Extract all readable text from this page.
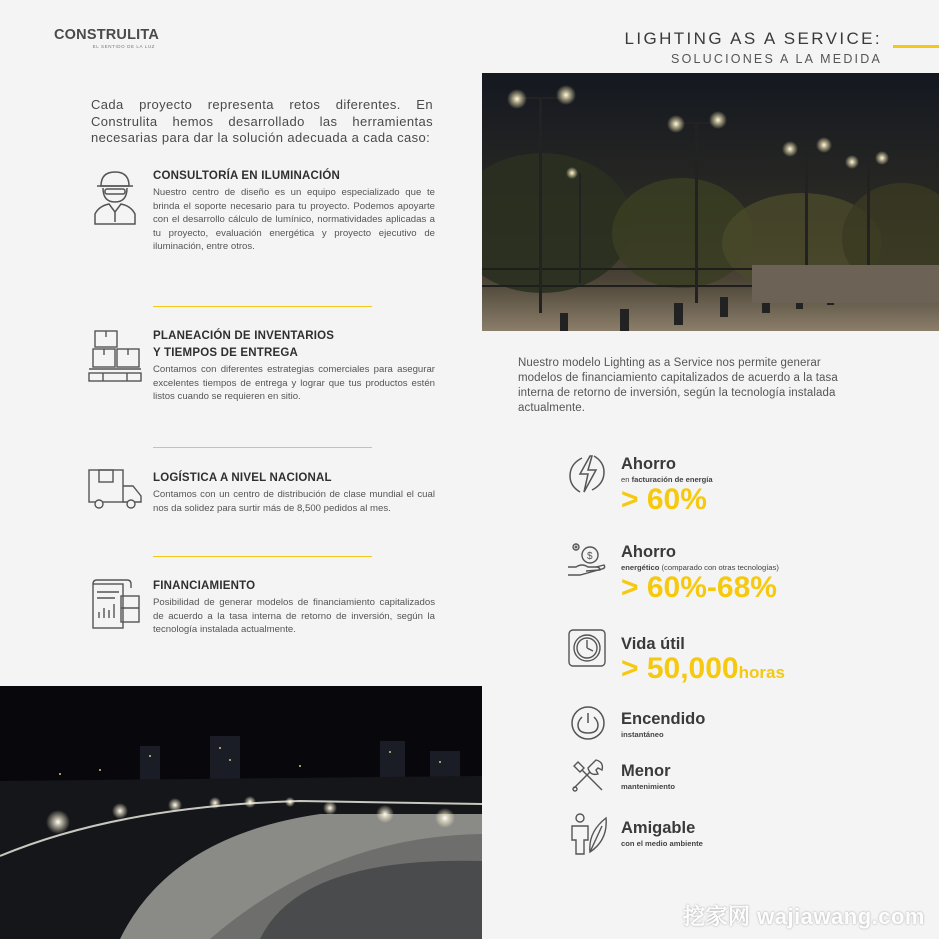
CONSTRULITA
EL SENTIDO DE LA LUZ	LIGHTING AS A SERVICE:
SOLUCIONES A LA MEDIDA
Cada proyecto representa retos diferentes. En Construlita hemos desarrollado las herramientas necesarias para dar la solución adecuada a cada caso:
CONSULTORÍA EN ILUMINACIÓN
Nuestro centro de diseño es un equipo especializado que te brinda el soporte necesario para tu proyecto. Podemos apoyarte con el desarrollo cálculo de lumínico, normatividades aplicadas a tu proyecto, evaluación energética y proyecto ejecutivo de iluminación, entre otros.
PLANEACIÓN DE INVENTARIOS
Y TIEMPOS DE ENTREGA
Contamos con diferentes estrategias comerciales para asegurar excelentes tiempos de entrega y lograr que tus productos estén listos cuando se requieren en sitio.
LOGÍSTICA A NIVEL NACIONAL
Contamos con un centro de distribución de clase mundial el cual nos da solidez para surtir más de 8,500 pedidos al mes.
FINANCIAMIENTO
Posibilidad de generar modelos de financiamiento capitalizados de acuerdo a la tasa interna de retorno de inversión, según la tecnología instalada actualmente.
Nuestro modelo Lighting as a Service nos permite generar modelos de financiamiento capitalizados de acuerdo a la tasa interna de retorno de inversión, según la tecnología instalada actualmente.
Ahorro
en facturación de energía
> 60%
$ Ahorro
energético (comparado con otras tecnologías)
> 60%-68%
Vida útil
> 50,000horas
Encendido
instantáneo
Menor
mantenimiento
Amigable
con el medio ambiente
挖家网 wajiawang.com
